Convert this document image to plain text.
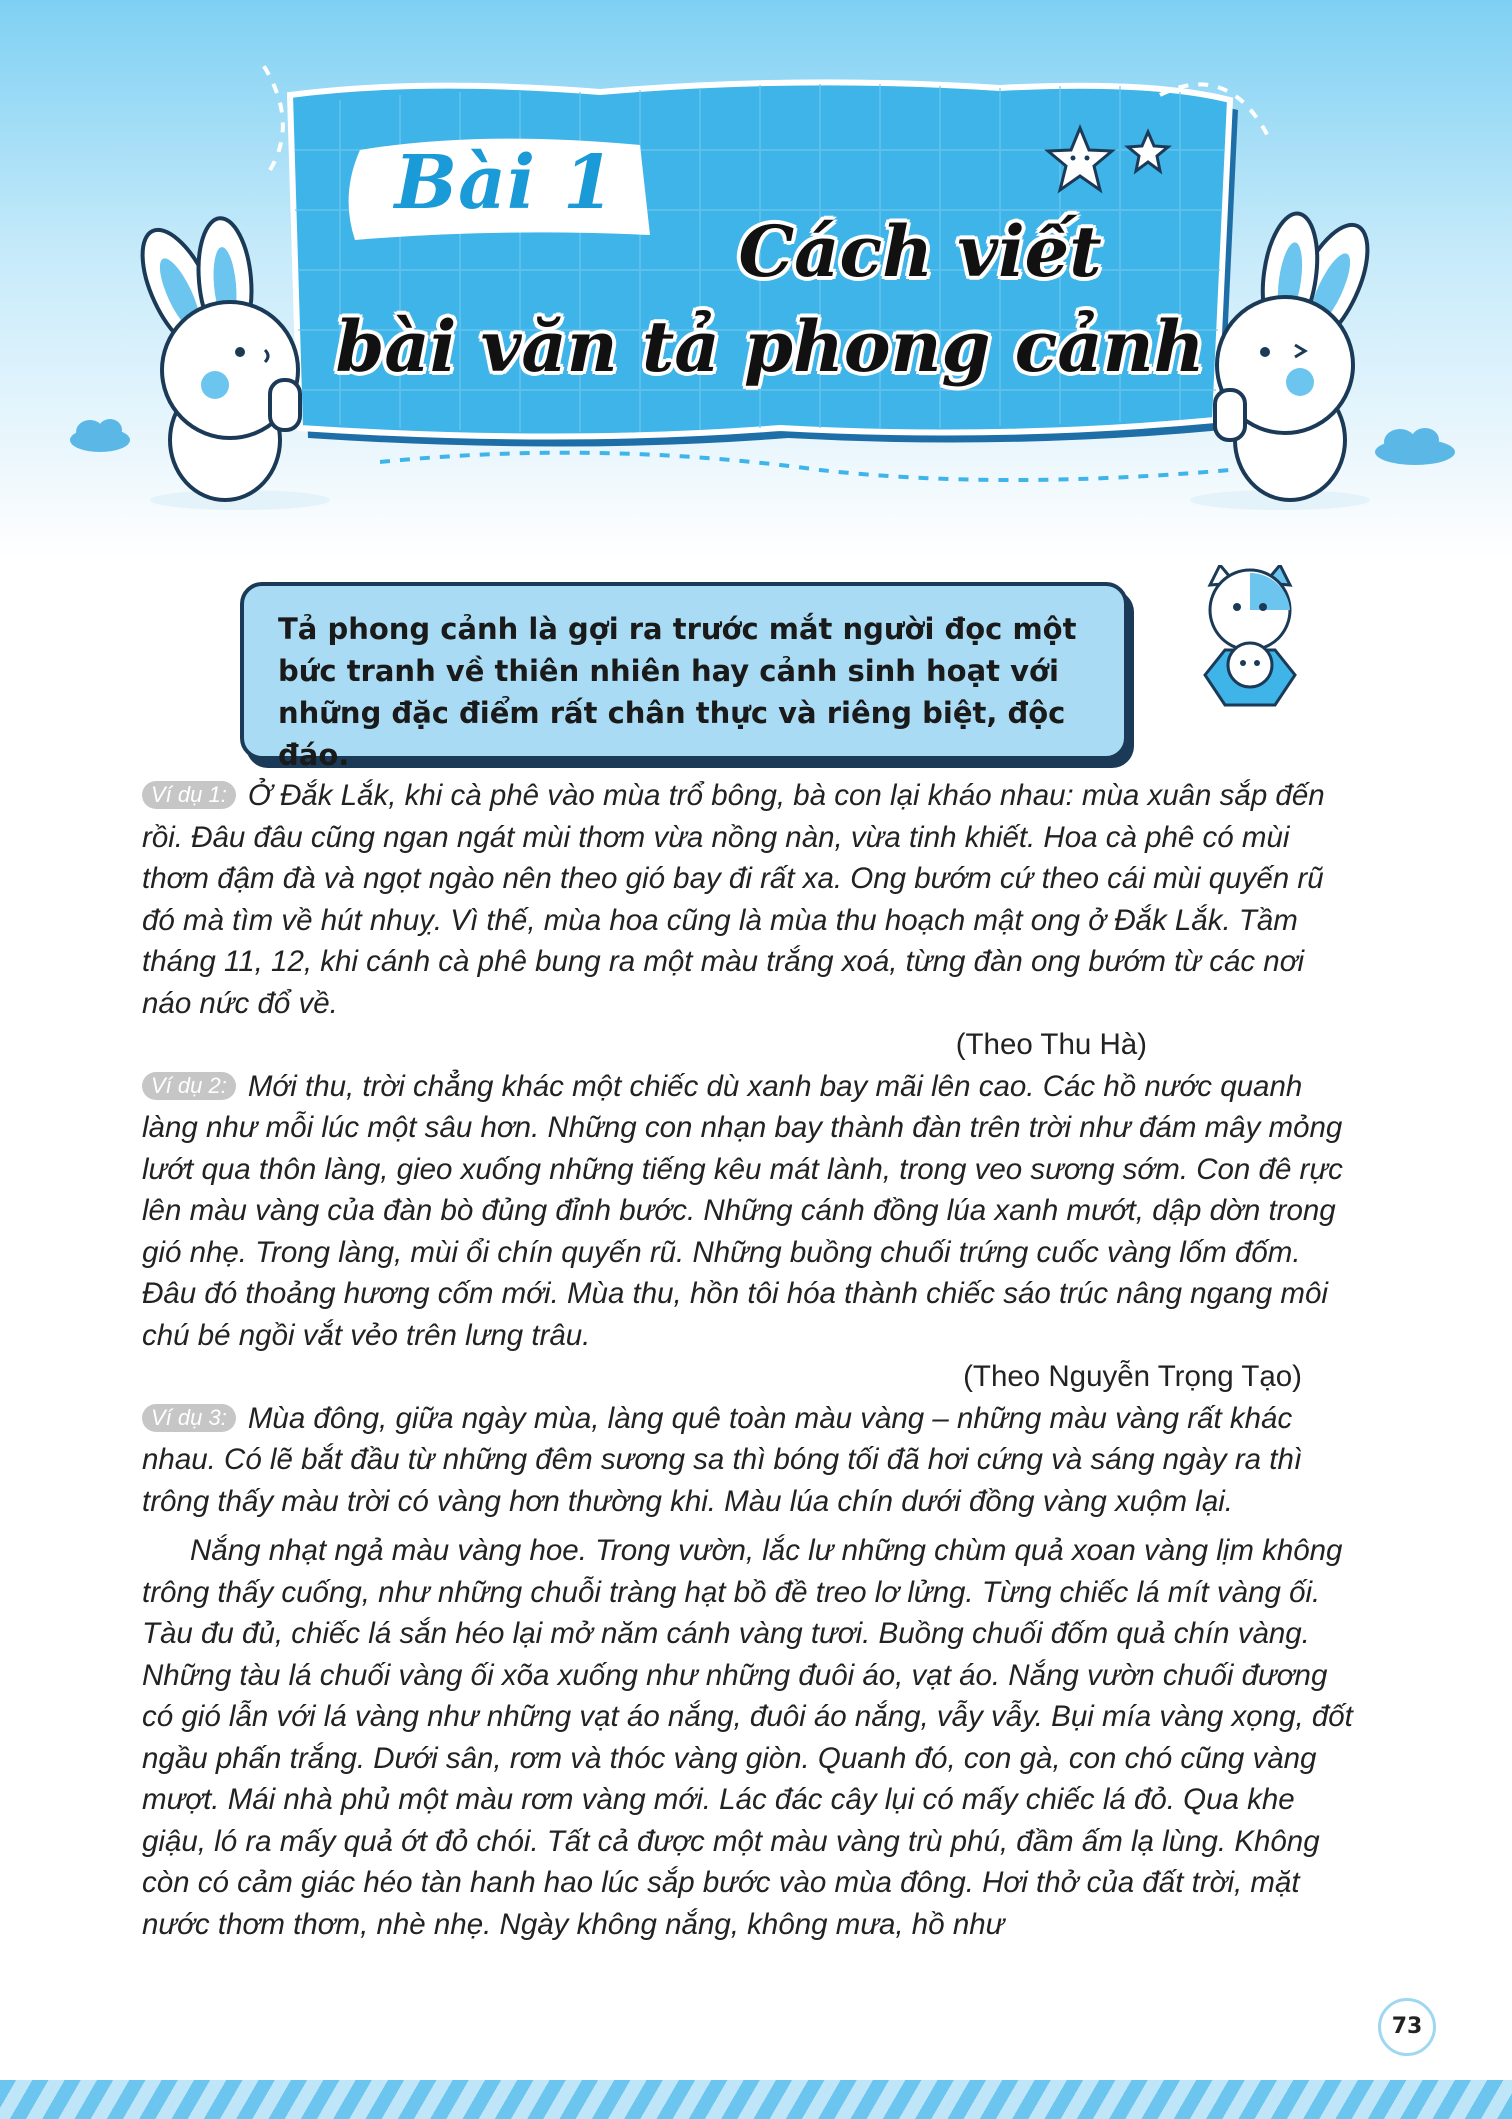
Bài 1
Cách viết
bài văn tả phong cảnh
Tả phong cảnh là gợi ra trước mắt người đọc một bức tranh về thiên nhiên hay cảnh sinh hoạt với những đặc điểm rất chân thực và riêng biệt, độc đáo.

Ví dụ 1: Ở Đắk Lắk, khi cà phê vào mùa trổ bông, bà con lại kháo nhau: mùa xuân sắp đến rồi. Đâu đâu cũng ngan ngát mùi thơm vừa nồng nàn, vừa tinh khiết. Hoa cà phê có mùi thơm đậm đà và ngọt ngào nên theo gió bay đi rất xa. Ong bướm cứ theo cái mùi quyến rũ đó mà tìm về hút nhuỵ. Vì thế, mùa hoa cũng là mùa thu hoạch mật ong ở Đắk Lắk. Tầm tháng 11, 12, khi cánh cà phê bung ra một màu trắng xoá, từng đàn ong bướm từ các nơi náo nức đổ về.

(Theo Thu Hà)

Ví dụ 2: Mới thu, trời chẳng khác một chiếc dù xanh bay mãi lên cao. Các hồ nước quanh làng như mỗi lúc một sâu hơn. Những con nhạn bay thành đàn trên trời như đám mây mỏng lướt qua thôn làng, gieo xuống những tiếng kêu mát lành, trong veo sương sớm. Con đê rực lên màu vàng của đàn bò đủng đỉnh bước. Những cánh đồng lúa xanh mướt, dập dờn trong gió nhẹ. Trong làng, mùi ổi chín quyến rũ. Những buồng chuối trứng cuốc vàng lốm đốm. Đâu đó thoảng hương cốm mới. Mùa thu, hồn tôi hóa thành chiếc sáo trúc nâng ngang môi chú bé ngồi vắt vẻo trên lưng trâu.

(Theo Nguyễn Trọng Tạo)

Ví dụ 3: Mùa đông, giữa ngày mùa, làng quê toàn màu vàng – những màu vàng rất khác nhau. Có lẽ bắt đầu từ những đêm sương sa thì bóng tối đã hơi cứng và sáng ngày ra thì trông thấy màu trời có vàng hơn thường khi. Màu lúa chín dưới đồng vàng xuộm lại.

Nắng nhạt ngả màu vàng hoe. Trong vườn, lắc lư những chùm quả xoan vàng lịm không trông thấy cuống, như những chuỗi tràng hạt bồ đề treo lơ lửng. Từng chiếc lá mít vàng ối. Tàu đu đủ, chiếc lá sắn héo lại mở năm cánh vàng tươi. Buồng chuối đốm quả chín vàng. Những tàu lá chuối vàng ối xõa xuống như những đuôi áo, vạt áo. Nắng vườn chuối đương có gió lẫn với lá vàng như những vạt áo nắng, đuôi áo nắng, vẫy vẫy. Bụi mía vàng xọng, đốt ngầu phấn trắng. Dưới sân, rơm và thóc vàng giòn. Quanh đó, con gà, con chó cũng vàng mượt. Mái nhà phủ một màu rơm vàng mới. Lác đác cây lụi có mấy chiếc lá đỏ. Qua khe giậu, ló ra mấy quả ớt đỏ chói. Tất cả được một màu vàng trù phú, đầm ấm lạ lùng. Không còn có cảm giác héo tàn hanh hao lúc sắp bước vào mùa đông. Hơi thở của đất trời, mặt nước thơm thơm, nhè nhẹ. Ngày không nắng, không mưa, hồ như

73
